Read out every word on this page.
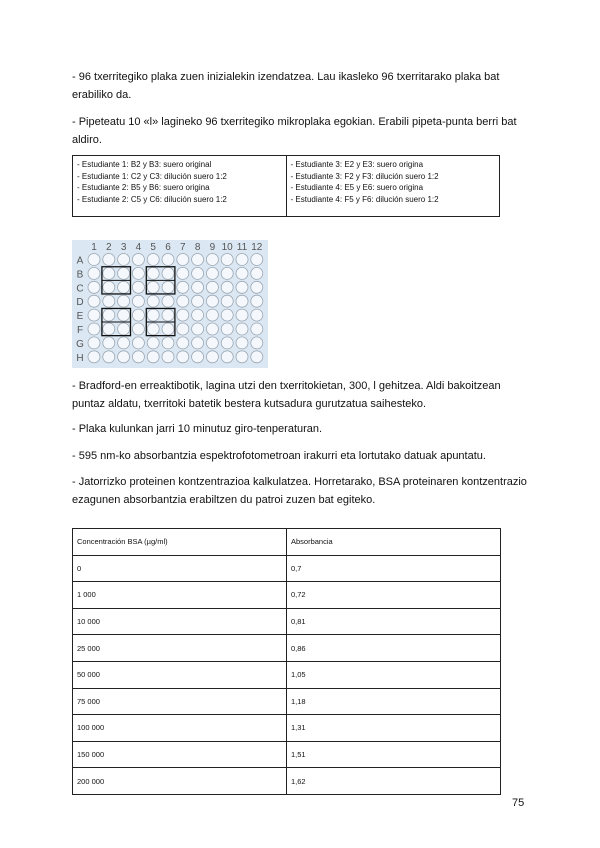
- 96 txerritegiko plaka zuen inizialekin izendatzea. Lau ikasleko 96 txerritarako plaka bat erabiliko da.

- Pipeteatu 10 «l» lagineko 96 txerritegiko mikroplaka egokian. Erabili pipeta-punta berri bat aldiro.

- Estudiante 1: B2 y B3: suero original
- Estudiante 1: C2 y C3: dilución suero 1:2
- Estudiante 2: B5 y B6: suero origina
- Estudiante 2: C5 y C6: dilución suero 1:2
- Estudiante 3: E2 y E3: suero origina
- Estudiante 3: F2 y F3: dilución suero 1:2
- Estudiante 4: E5 y E6: suero origina
- Estudiante 4: F5 y F6: dilución suero 1:2
1 2 3 4 5 6 7 8 9 10 11 12
A
B
C
D
E
F
G
H

- Bradford-en erreaktibotik, lagina utzi den txerritokietan, 300, l gehitzea. Aldi bakoitzean puntaz aldatu, txerritoki batetik bestera kutsadura gurutzatua saihesteko.

- Plaka kulunkan jarri 10 minutuz giro-tenperaturan.

- 595 nm-ko absorbantzia espektrofotometroan irakurri eta lortutako datuak apuntatu.

- Jatorrizko proteinen kontzentrazioa kalkulatzea. Horretarako, BSA proteinaren kontzentrazio ezagunen absorbantzia erabiltzen du patroi zuzen bat egiteko.

Concentración BSA (µg/ml)	Absorbancia
0	0,7
1 000	0,72
10 000	0,81
25 000	0,86
50 000	1,05
75 000	1,18
100 000	1,31
150 000	1,51
200 000	1,62
75
